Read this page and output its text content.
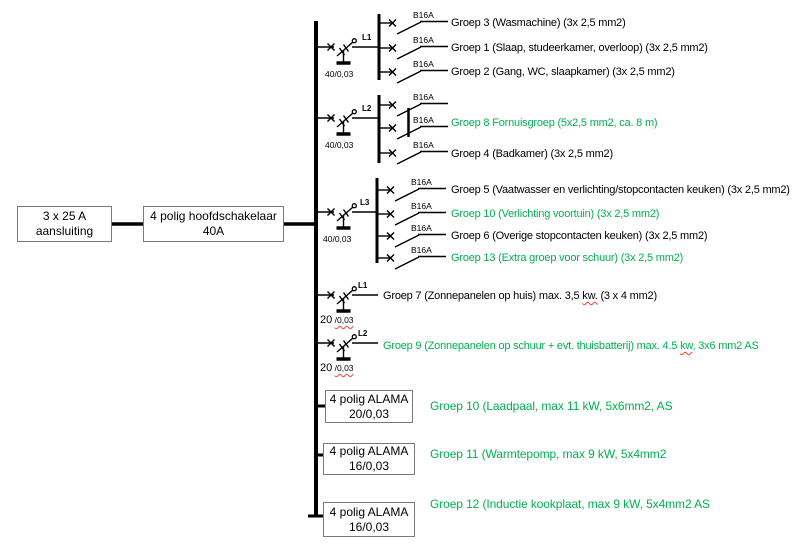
3 x 25 A
aansluiting
4 polig hoofdschakelaar
40A
4 polig ALAMA
20/0,03
4 polig ALAMA
16/0,03
4 polig ALAMA
16/0,03
B16A
B16A
B16A
B16A
B16A
B16A
B16A
B16A
B16A
B16A
L1
L2
L3
L1
L2
40/0,03
40/0,03
40/0,03
20 /0,03
20 /0,03
Groep 3 (Wasmachine) (3x 2,5 mm2)
Groep 1 (Slaap, studeerkamer, overloop) (3x 2,5 mm2)
Groep 2 (Gang, WC, slaapkamer) (3x 2,5 mm2)
Groep 8 Fornuisgroep (5x2,5 mm2, ca. 8 m)
Groep 4 (Badkamer) (3x 2,5 mm2)
Groep 5 (Vaatwasser en verlichting/stopcontacten keuken) (3x 2,5 mm2)
Groep 10 (Verlichting voortuin) (3x 2,5 mm2)
Groep 6 (Overige stopcontacten keuken) (3x 2,5 mm2)
Groep 13 (Extra groep voor schuur) (3x 2,5 mm2)
Groep 7 (Zonnepanelen op huis) max. 3,5 kw. (3 x 4 mm2)
Groep 9 (Zonnepanelen op schuur + evt. thuisbatterij) max. 4.5 kw, 3x6 mm2 AS
Groep 10 (Laadpaal, max 11 kW, 5x6mm2, AS
Groep 11 (Warmtepomp, max 9 kW, 5x4mm2
Groep 12 (Inductie kookplaat, max 9 kW, 5x4mm2 AS
